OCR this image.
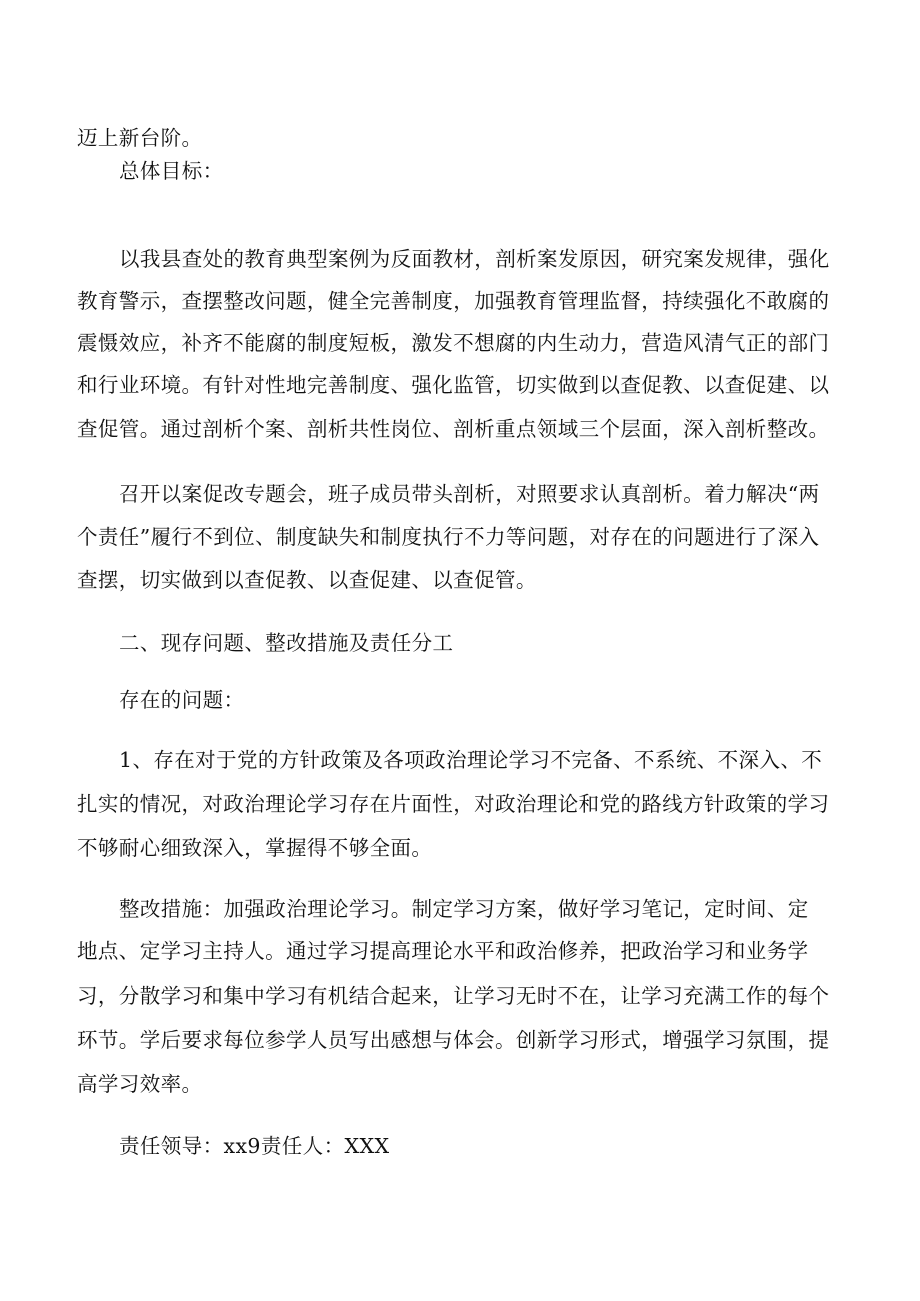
迈上新台阶。
总体目标：
以我县查处的教育典型案例为反面教材，剖析案发原因，研究案发规律，强化
教育警示，查摆整改问题，健全完善制度，加强教育管理监督，持续强化不敢腐的
震慑效应，补齐不能腐的制度短板，激发不想腐的内生动力，营造风清气正的部门
和行业环境。有针对性地完善制度、强化监管，切实做到以查促教、以查促建、以
查促管。通过剖析个案、剖析共性岗位、剖析重点领域三个层面，深入剖析整改。
召开以案促改专题会，班子成员带头剖析，对照要求认真剖析。着力解决“两
个责任”履行不到位、制度缺失和制度执行不力等问题，对存在的问题进行了深入
查摆，切实做到以查促教、以查促建、以查促管。
二、现存问题、整改措施及责任分工
存在的问题：
1、存在对于党的方针政策及各项政治理论学习不完备、不系统、不深入、不
扎实的情况，对政治理论学习存在片面性，对政治理论和党的路线方针政策的学习
不够耐心细致深入，掌握得不够全面。
整改措施：加强政治理论学习。制定学习方案，做好学习笔记，定时间、定
地点、定学习主持人。通过学习提高理论水平和政治修养，把政治学习和业务学
习，分散学习和集中学习有机结合起来，让学习无时不在，让学习充满工作的每个
环节。学后要求每位参学人员写出感想与体会。创新学习形式，增强学习氛围，提
高学习效率。
责任领导：xx9责任人：XXX
